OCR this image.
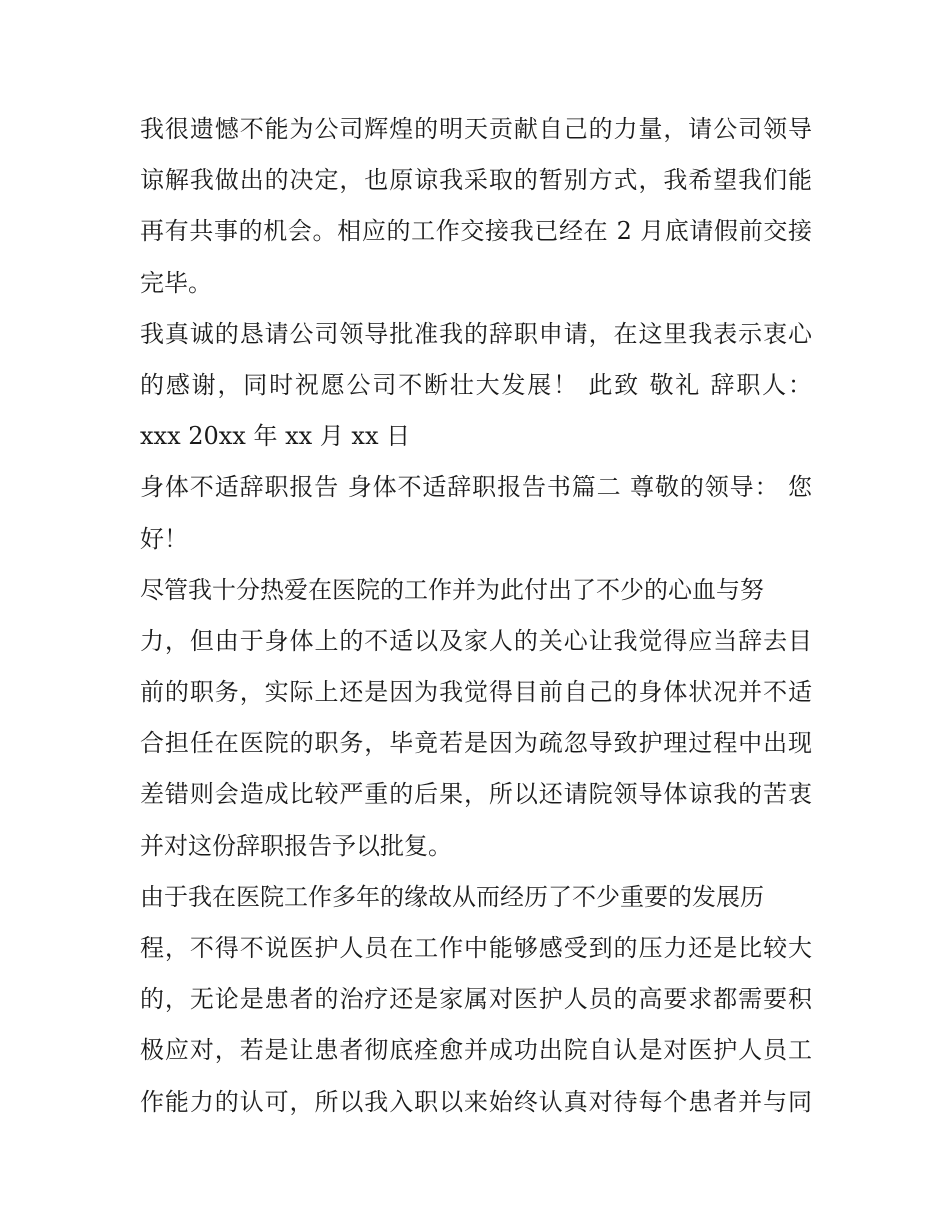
我很遗憾不能为公司辉煌的明天贡献自己的力量，请公司领导
谅解我做出的决定，也原谅我采取的暂别方式，我希望我们能
再有共事的机会。相应的工作交接我已经在 2 月底请假前交接
完毕。
我真诚的恳请公司领导批准我的辞职申请，在这里我表示衷心
的感谢，同时祝愿公司不断壮大发展！ 此致 敬礼 辞职人：
xxx 20xx 年 xx 月 xx 日
身体不适辞职报告 身体不适辞职报告书篇二 尊敬的领导： 您
好！
尽管我十分热爱在医院的工作并为此付出了不少的心血与努
力，但由于身体上的不适以及家人的关心让我觉得应当辞去目
前的职务，实际上还是因为我觉得目前自己的身体状况并不适
合担任在医院的职务，毕竟若是因为疏忽导致护理过程中出现
差错则会造成比较严重的后果，所以还请院领导体谅我的苦衷
并对这份辞职报告予以批复。
由于我在医院工作多年的缘故从而经历了不少重要的发展历
程，不得不说医护人员在工作中能够感受到的压力还是比较大
的，无论是患者的治疗还是家属对医护人员的高要求都需要积
极应对，若是让患者彻底痊愈并成功出院自认是对医护人员工
作能力的认可，所以我入职以来始终认真对待每个患者并与同
